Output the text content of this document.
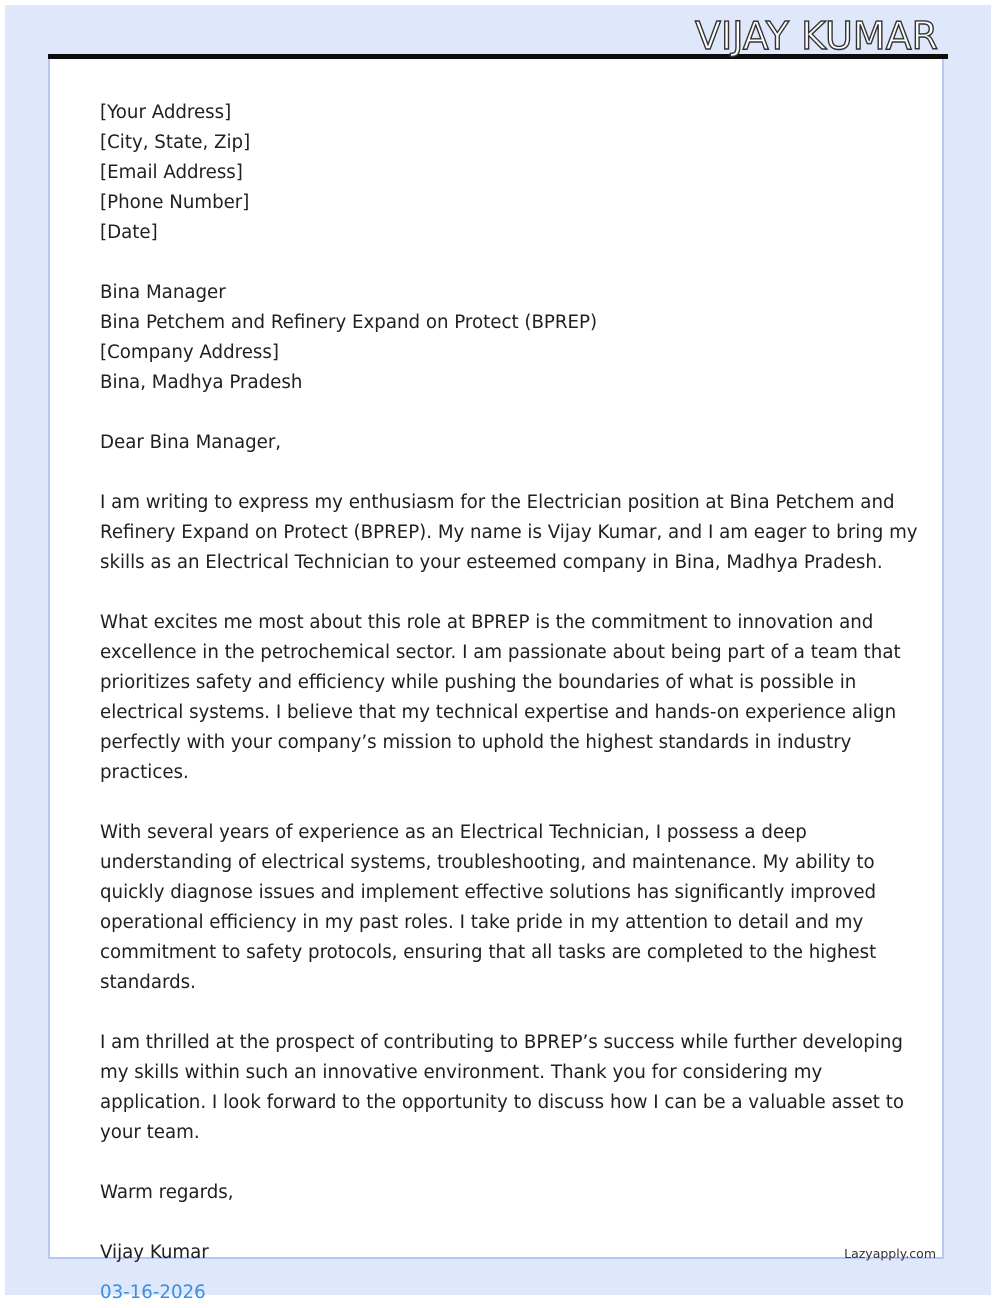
VIJAY KUMAR
[Your Address]
[City, State, Zip]
[Email Address]
[Phone Number]
[Date]
Bina Manager
Bina Petchem and Refinery Expand on Protect (BPREP)
[Company Address]
Bina, Madhya Pradesh
Dear Bina Manager,

I am writing to express my enthusiasm for the Electrician position at Bina Petchem and
Refinery Expand on Protect (BPREP). My name is Vijay Kumar, and I am eager to bring my
skills as an Electrical Technician to your esteemed company in Bina, Madhya Pradesh.

What excites me most about this role at BPREP is the commitment to innovation and
excellence in the petrochemical sector. I am passionate about being part of a team that
prioritizes safety and efficiency while pushing the boundaries of what is possible in
electrical systems. I believe that my technical expertise and hands-on experience align
perfectly with your company’s mission to uphold the highest standards in industry
practices.

With several years of experience as an Electrical Technician, I possess a deep
understanding of electrical systems, troubleshooting, and maintenance. My ability to
quickly diagnose issues and implement effective solutions has significantly improved
operational efficiency in my past roles. I take pride in my attention to detail and my
commitment to safety protocols, ensuring that all tasks are completed to the highest
standards.

I am thrilled at the prospect of contributing to BPREP’s success while further developing
my skills within such an innovative environment. Thank you for considering my
application. I look forward to the opportunity to discuss how I can be a valuable asset to
your team.

Warm regards,
Vijay Kumar
03-16-2026
Lazyapply.com
